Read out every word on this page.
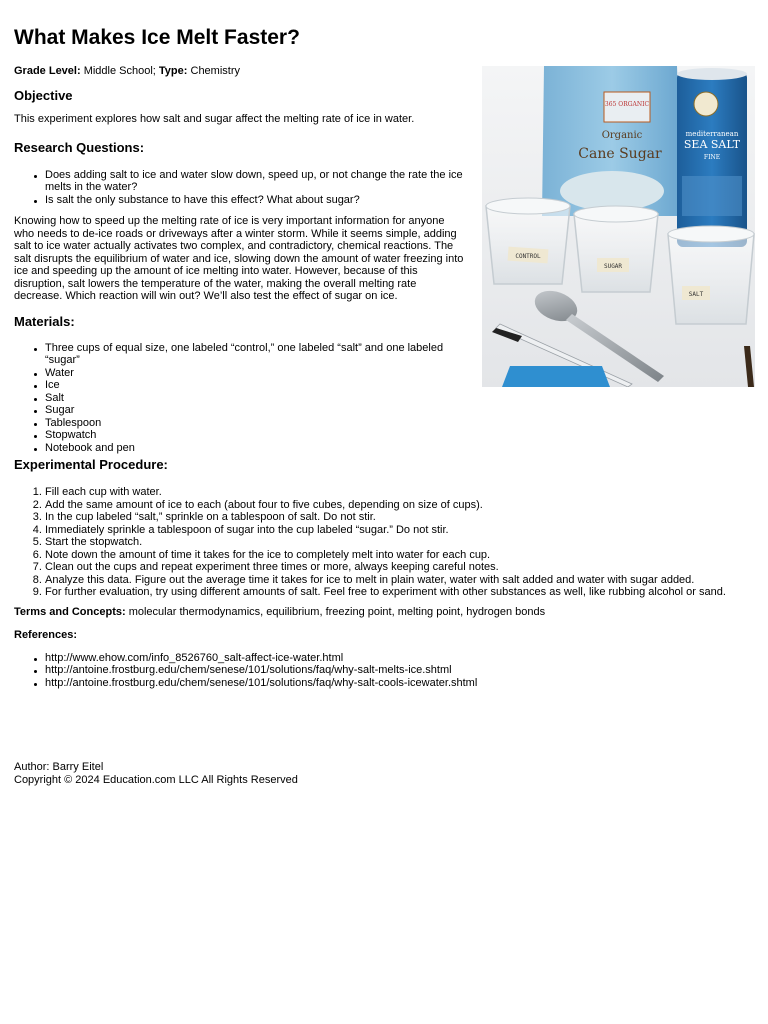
What Makes Ice Melt Faster?
Grade Level: Middle School; Type: Chemistry
Objective

This experiment explores how salt and sugar affect the melting rate of ice in water.

Research Questions:
Does adding salt to ice and water slow down, speed up, or not change the rate the ice melts in the water?
Is salt the only substance to have this effect? What about sugar?

Knowing how to speed up the melting rate of ice is very important information for anyone who needs to de-ice roads or driveways after a winter storm. While it seems simple, adding salt to ice water actually activates two complex, and contradictory, chemical reactions. The salt disrupts the equilibrium of water and ice, slowing down the amount of water freezing into ice and speeding up the amount of ice melting into water. However, because of this disruption, salt lowers the temperature of the water, making the overall melting rate decrease. Which reaction will win out? We’ll also test the effect of sugar on ice.

Materials:
Three cups of equal size, one labeled “control,” one labeled “salt” and one labeled “sugar”
Water
Ice
Salt
Sugar
Tablespoon
Stopwatch
Notebook and pen
365 ORGANIC
Organic
Cane Sugar
mediterranean
SEA SALT
FINE
CONTROL
SUGAR
SALT
Experimental Procedure:
1. Fill each cup with water.
2. Add the same amount of ice to each (about four to five cubes, depending on size of cups).
3. In the cup labeled “salt,” sprinkle on a tablespoon of salt. Do not stir.
4. Immediately sprinkle a tablespoon of sugar into the cup labeled “sugar.” Do not stir.
5. Start the stopwatch.
6. Note down the amount of time it takes for the ice to completely melt into water for each cup.
7. Clean out the cups and repeat experiment three times or more, always keeping careful notes.
8. Analyze this data. Figure out the average time it takes for ice to melt in plain water, water with salt added and water with sugar added.
9. For further evaluation, try using different amounts of salt. Feel free to experiment with other substances as well, like rubbing alcohol or sand.
Terms and Concepts: molecular thermodynamics, equilibrium, freezing point, melting point, hydrogen bonds
References:
http://www.ehow.com/info_8526760_salt-affect-ice-water.html
http://antoine.frostburg.edu/chem/senese/101/solutions/faq/why-salt-melts-ice.shtml
http://antoine.frostburg.edu/chem/senese/101/solutions/faq/why-salt-cools-icewater.shtml
Author: Barry Eitel
Copyright © 2024 Education.com LLC All Rights Reserved
